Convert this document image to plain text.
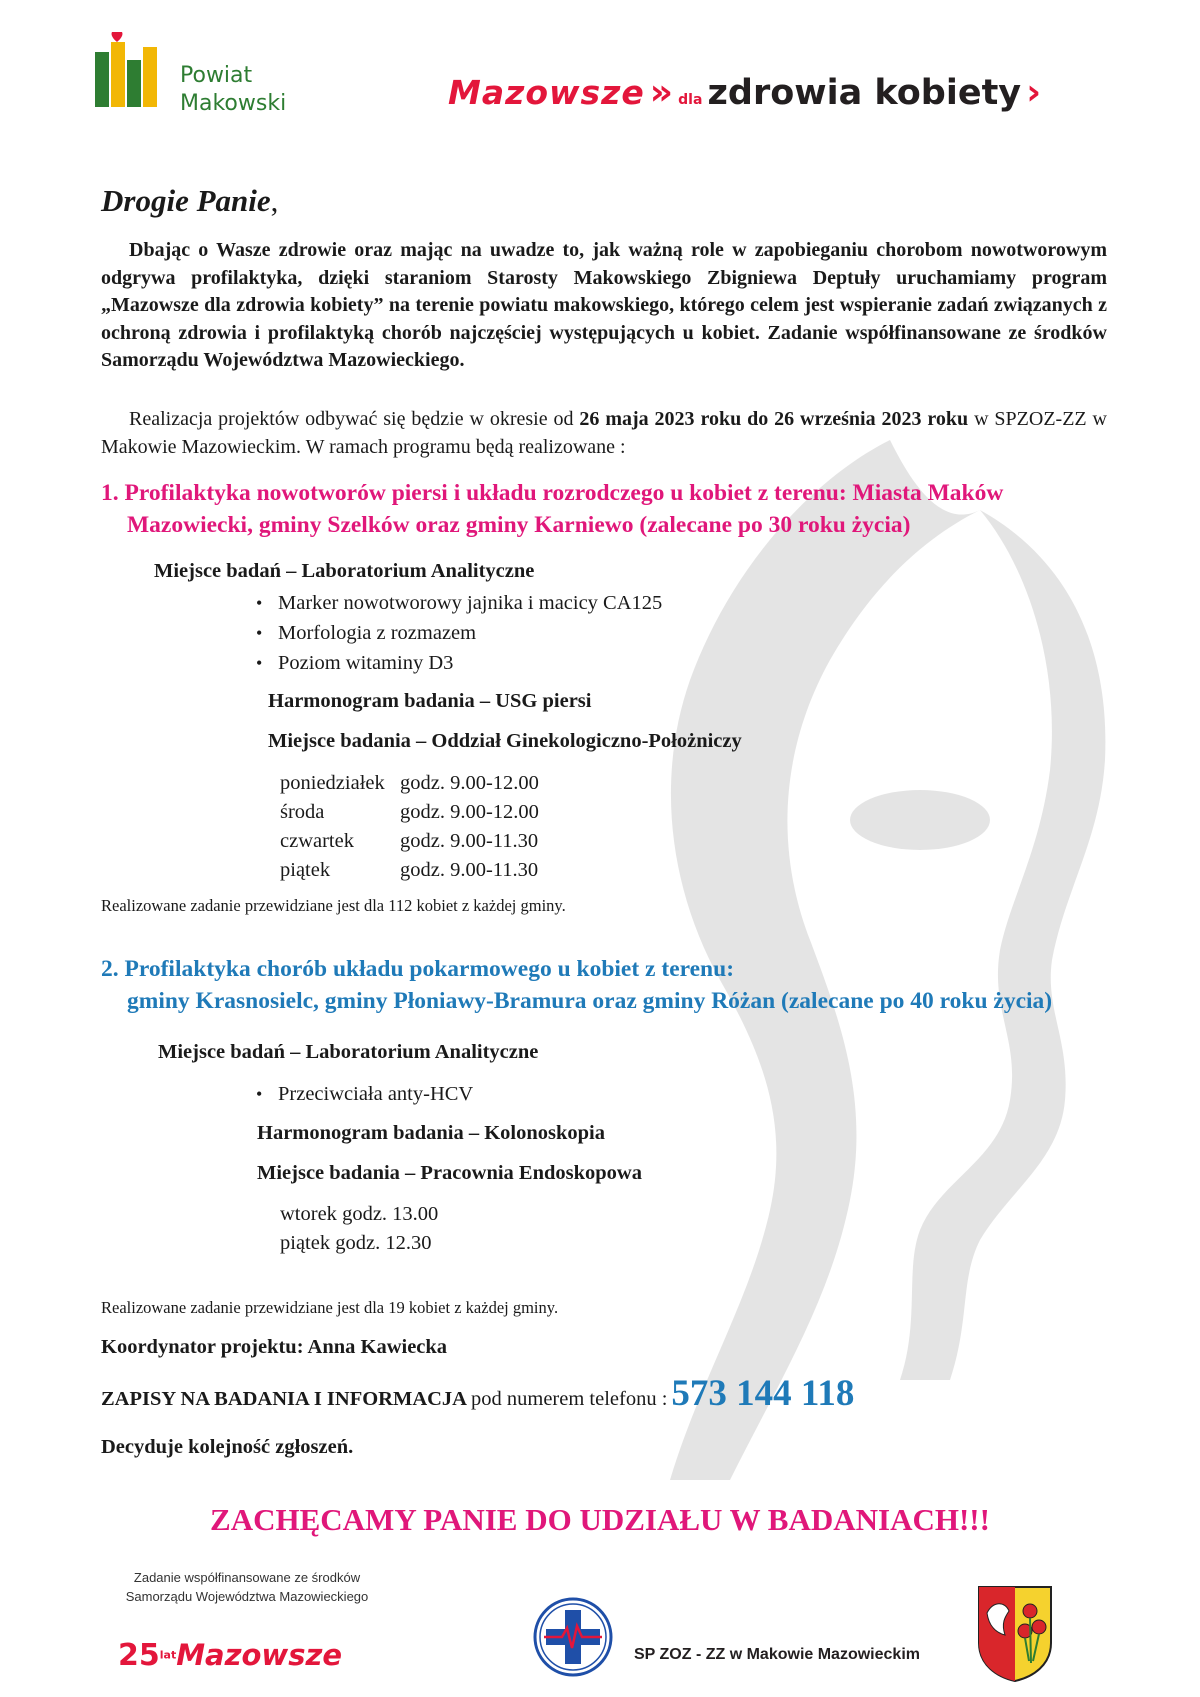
Powiat
Makowski	Mazowsze » dla zdrowia kobiety ›
Drogie Panie,
Dbając o Wasze zdrowie oraz mając na uwadze to, jak ważną role w zapobieganiu chorobom nowotworowym odgrywa profilaktyka, dzięki staraniom Starosty Makowskiego Zbigniewa Deptuły uruchamiamy program „Mazowsze dla zdrowia kobiety” na terenie powiatu makowskiego, którego celem jest wspieranie zadań związanych z ochroną zdrowia i profilaktyką chorób najczęściej występujących u kobiet. Zadanie współfinansowane ze środków Samorządu Województwa Mazowieckiego.
Realizacja projektów odbywać się będzie w okresie od 26 maja 2023 roku do 26 września 2023 roku w SPZOZ-ZZ w Makowie Mazowieckim. W ramach programu będą realizowane :
1. Profilaktyka nowotworów piersi i układu rozrodczego u kobiet z terenu: Miasta Maków
Mazowiecki, gminy Szelków oraz gminy Karniewo (zalecane po 30 roku życia)
Miejsce badań – Laboratorium Analityczne
• Marker nowotworowy jajnika i macicy CA125
• Morfologia z rozmazem
• Poziom witaminy D3
Harmonogram badania – USG piersi
Miejsce badania – Oddział Ginekologiczno-Położniczy
poniedziałek godz. 9.00-12.00
środa	godz. 9.00-12.00
czwartek godz. 9.00-11.30
piątek	godz. 9.00-11.30
Realizowane zadanie przewidziane jest dla 112 kobiet z każdej gminy.
2. Profilaktyka chorób układu pokarmowego u kobiet z terenu:
gminy Krasnosielc, gminy Płoniawy-Bramura oraz gminy Różan (zalecane po 40 roku życia)
Miejsce badań – Laboratorium Analityczne
• Przeciwciała anty-HCV
Harmonogram badania – Kolonoskopia
Miejsce badania – Pracownia Endoskopowa
wtorek godz. 13.00
piątek godz. 12.30
Realizowane zadanie przewidziane jest dla 19 kobiet z każdej gminy.
Koordynator projektu: Anna Kawiecka
ZAPISY NA BADANIA I INFORMACJA pod numerem telefonu : 573 144 118
Decyduje kolejność zgłoszeń.
ZACHĘCAMY PANIE DO UDZIAŁU W BADANIACH!!!
Zadanie współfinansowane ze środków
Samorządu Województwa Mazowieckiego
$25^{lat}Mazowsze$	SP ZOZ - ZZ w Makowie Mazowieckim
